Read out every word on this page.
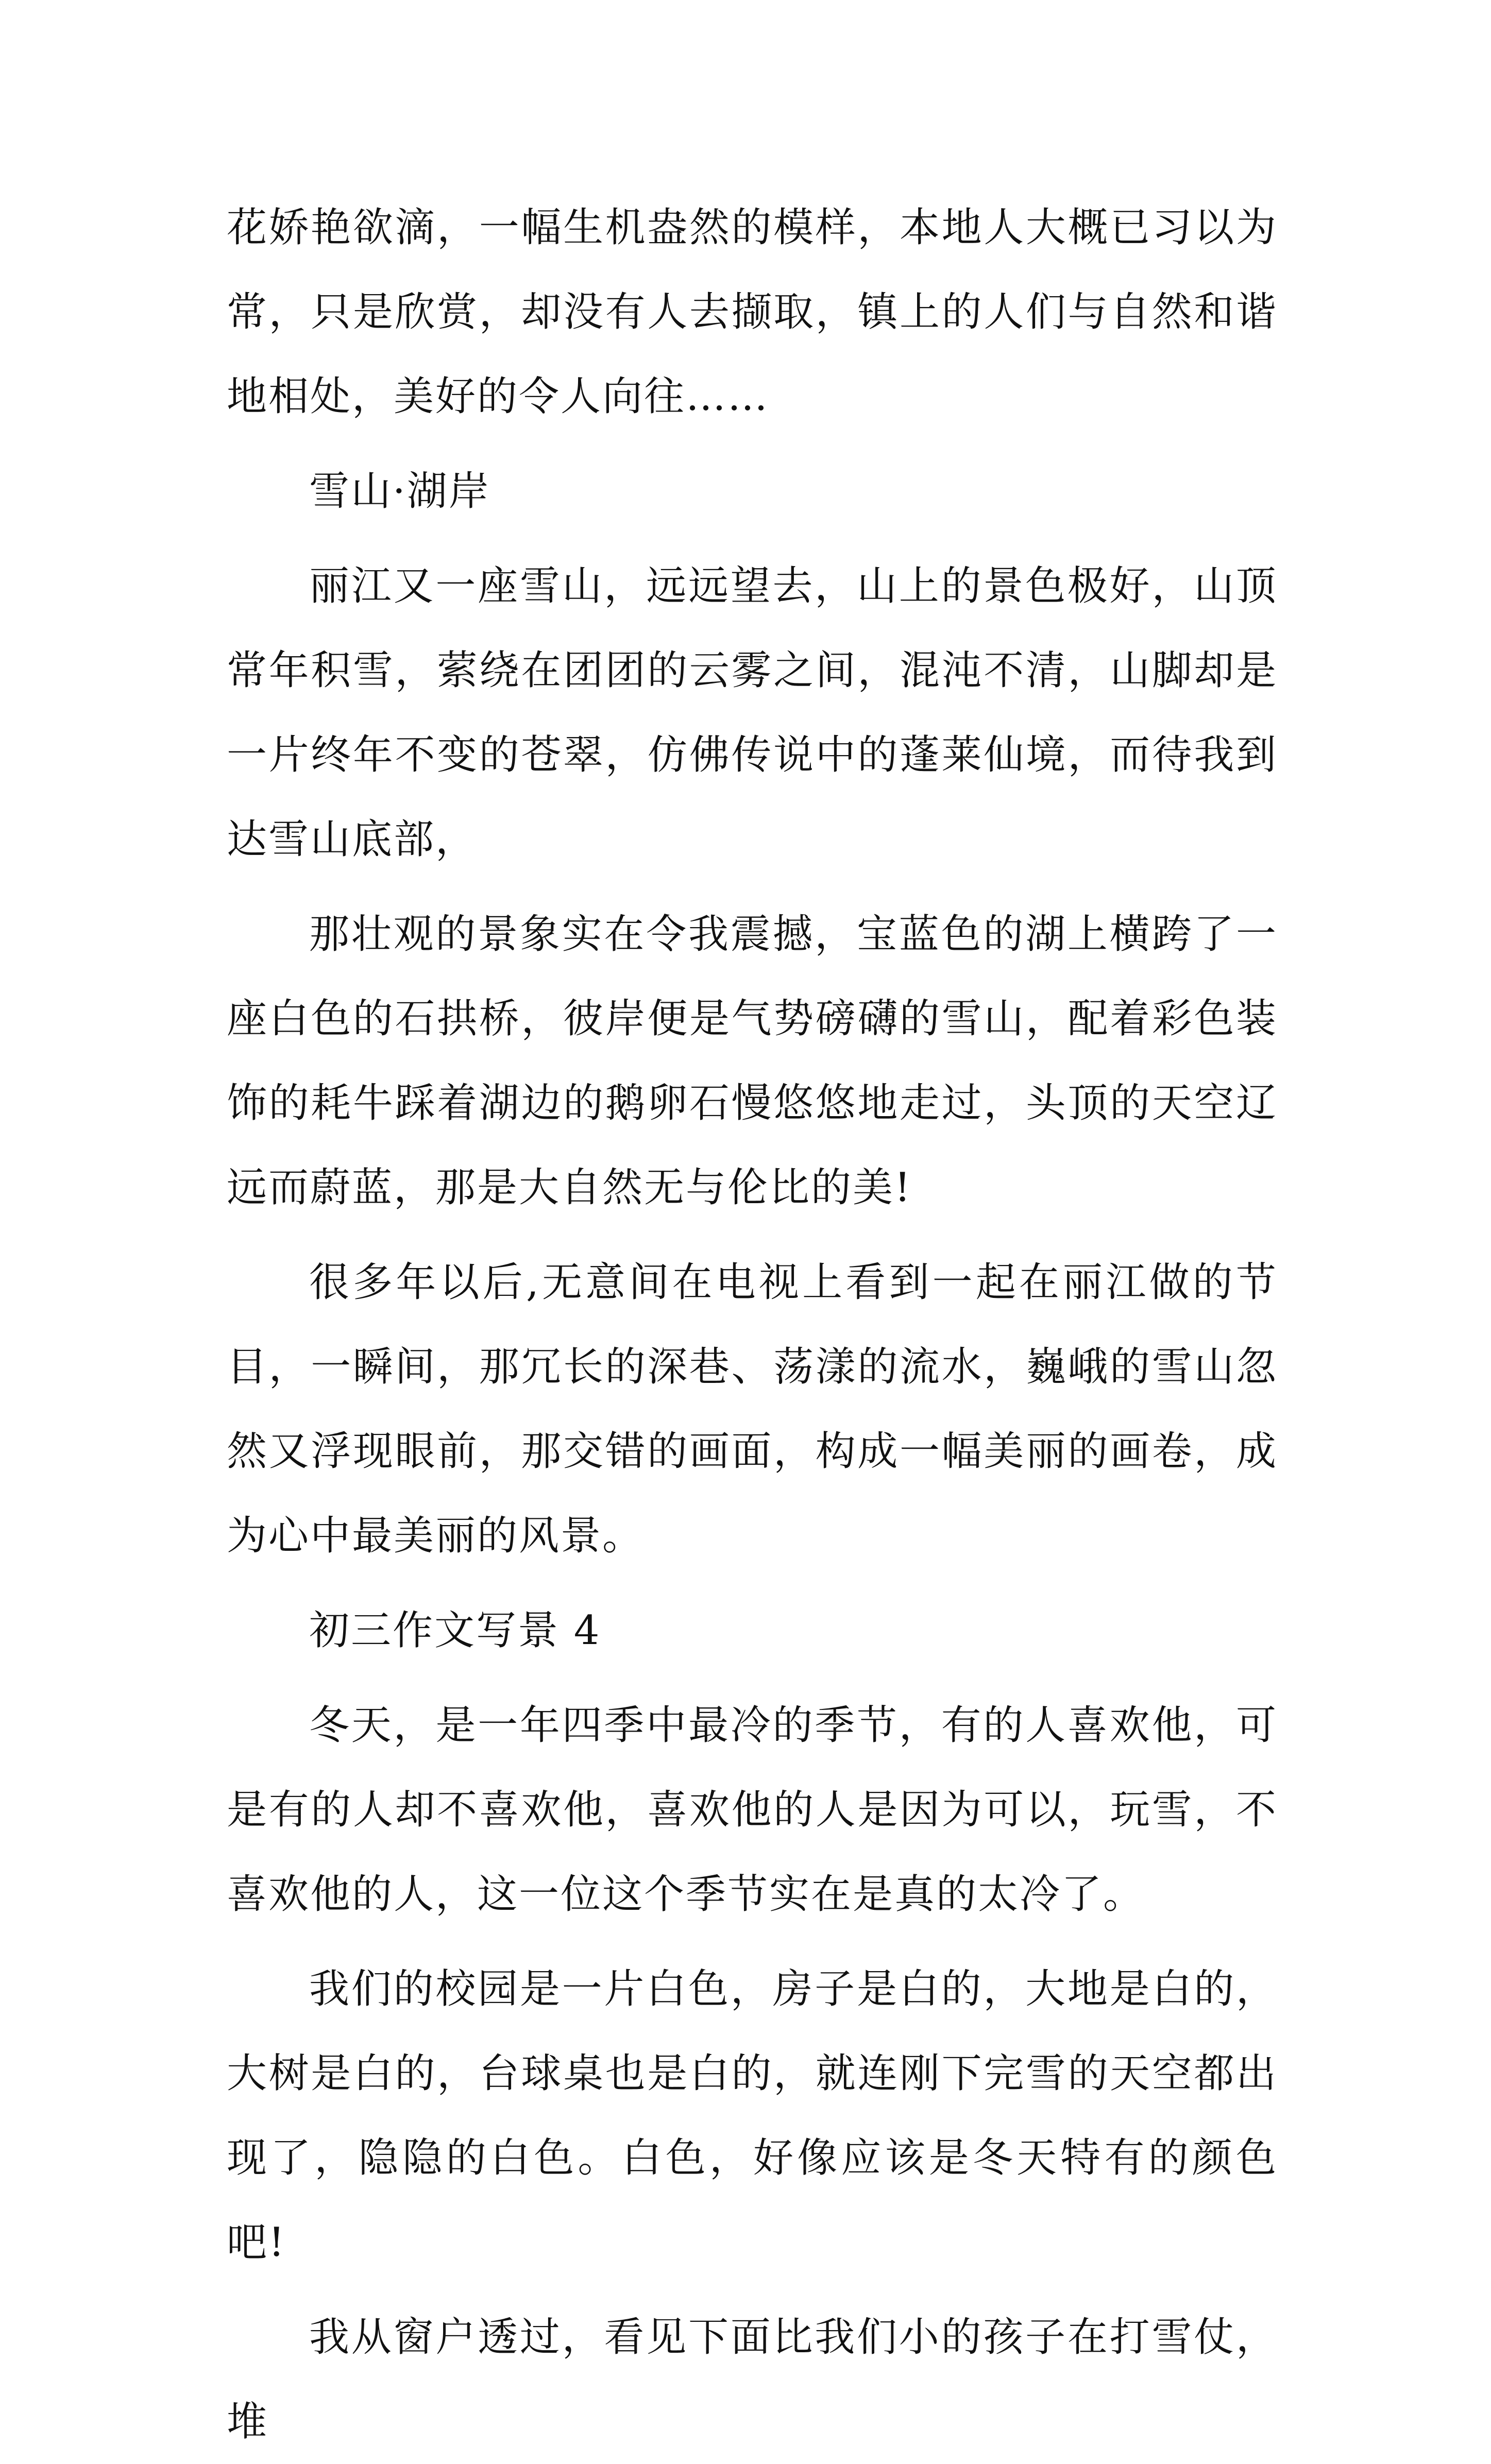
花娇艳欲滴，一幅生机盎然的模样，本地人大概已习以为常，只是欣赏，却没有人去撷取，镇上的人们与自然和谐地相处，美好的令人向往……

雪山·湖岸

丽江又一座雪山，远远望去，山上的景色极好，山顶常年积雪，萦绕在团团的云雾之间，混沌不清，山脚却是一片终年不变的苍翠，仿佛传说中的蓬莱仙境，而待我到达雪山底部，

那壮观的景象实在令我震撼，宝蓝色的湖上横跨了一座白色的石拱桥，彼岸便是气势磅礴的雪山，配着彩色装饰的耗牛踩着湖边的鹅卵石慢悠悠地走过，头顶的天空辽远而蔚蓝，那是大自然无与伦比的美!

很多年以后,无意间在电视上看到一起在丽江做的节目，一瞬间，那冗长的深巷、荡漾的流水，巍峨的雪山忽然又浮现眼前，那交错的画面，构成一幅美丽的画卷，成为心中最美丽的风景。

初三作文写景 4

冬天，是一年四季中最冷的季节，有的人喜欢他，可是有的人却不喜欢他，喜欢他的人是因为可以，玩雪，不喜欢他的人，这一位这个季节实在是真的太冷了。

我们的校园是一片白色，房子是白的，大地是白的，大树是白的，台球桌也是白的，就连刚下完雪的天空都出现了，隐隐的白色。白色，好像应该是冬天特有的颜色吧!

我从窗户透过，看见下面比我们小的孩子在打雪仗，堆
